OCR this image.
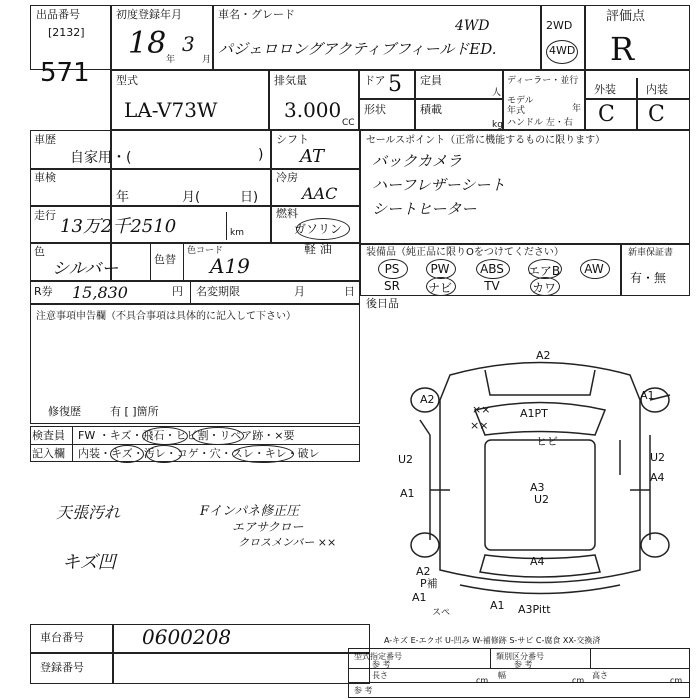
出品番号
[2132]
571
初度登録年月
18 3
年	月
車名・グレード
パジェロロングアクティブフィールドED.
4WD	2WD
4WD
評価点
R
型式
LA-V73W
排気量
3.000
CC
ドア 5 定員
人
形状	積載
kg
ディーラー・並行
モデル年式	年
ハンドル 左・右
外装	内装
C C
車歴
自家用・(	)
シフト
AT
車検
年	月(	日)
冷房
AAC
走行
13万2千2510	km
燃料
ガソリン
軽 油
色
シルバー	色替
色コード
A19
R券 15,830	円 名変期限	月	日
注意事項申告欄（不具合事項は具体的に記入して下さい）
修復歴	有 [ ]箇所
セールスポイント（正常に機能するものに限ります）
バックカメラ
ハーフレザーシート
シートヒーター
装備品（純正品に限りOをつけてください）	新車保証書
有・無
PS	PW	ABS	エアB	AW
SR	ナビ	TV	カワ
後日品
検査員
記入欄
FW ・キズ・飛石・ヒビ割・リペア跡・×要
内装・キズ・汚レ・コゲ・穴・スレ・キレ・破レ
天張汚れ
キズ凹
Fインパネ修正圧
エアサクロー
クロスメンバー ××
A2
A2	A1
××	A1PT
ヒビ
U2	U2
A1	A3
U2
A4
A4
A2
P補
A1
スペ	A3Pitt
A1
××
車台番号	0600208
登録番号
A-キズ E-エクボ U-凹み W-補修跡 S-サビ C-腐食 XX-交換済
型式指定番号
参 考
類別区分番号
参 考
長さ
cm
幅
cm
高さ
cm
参 考
